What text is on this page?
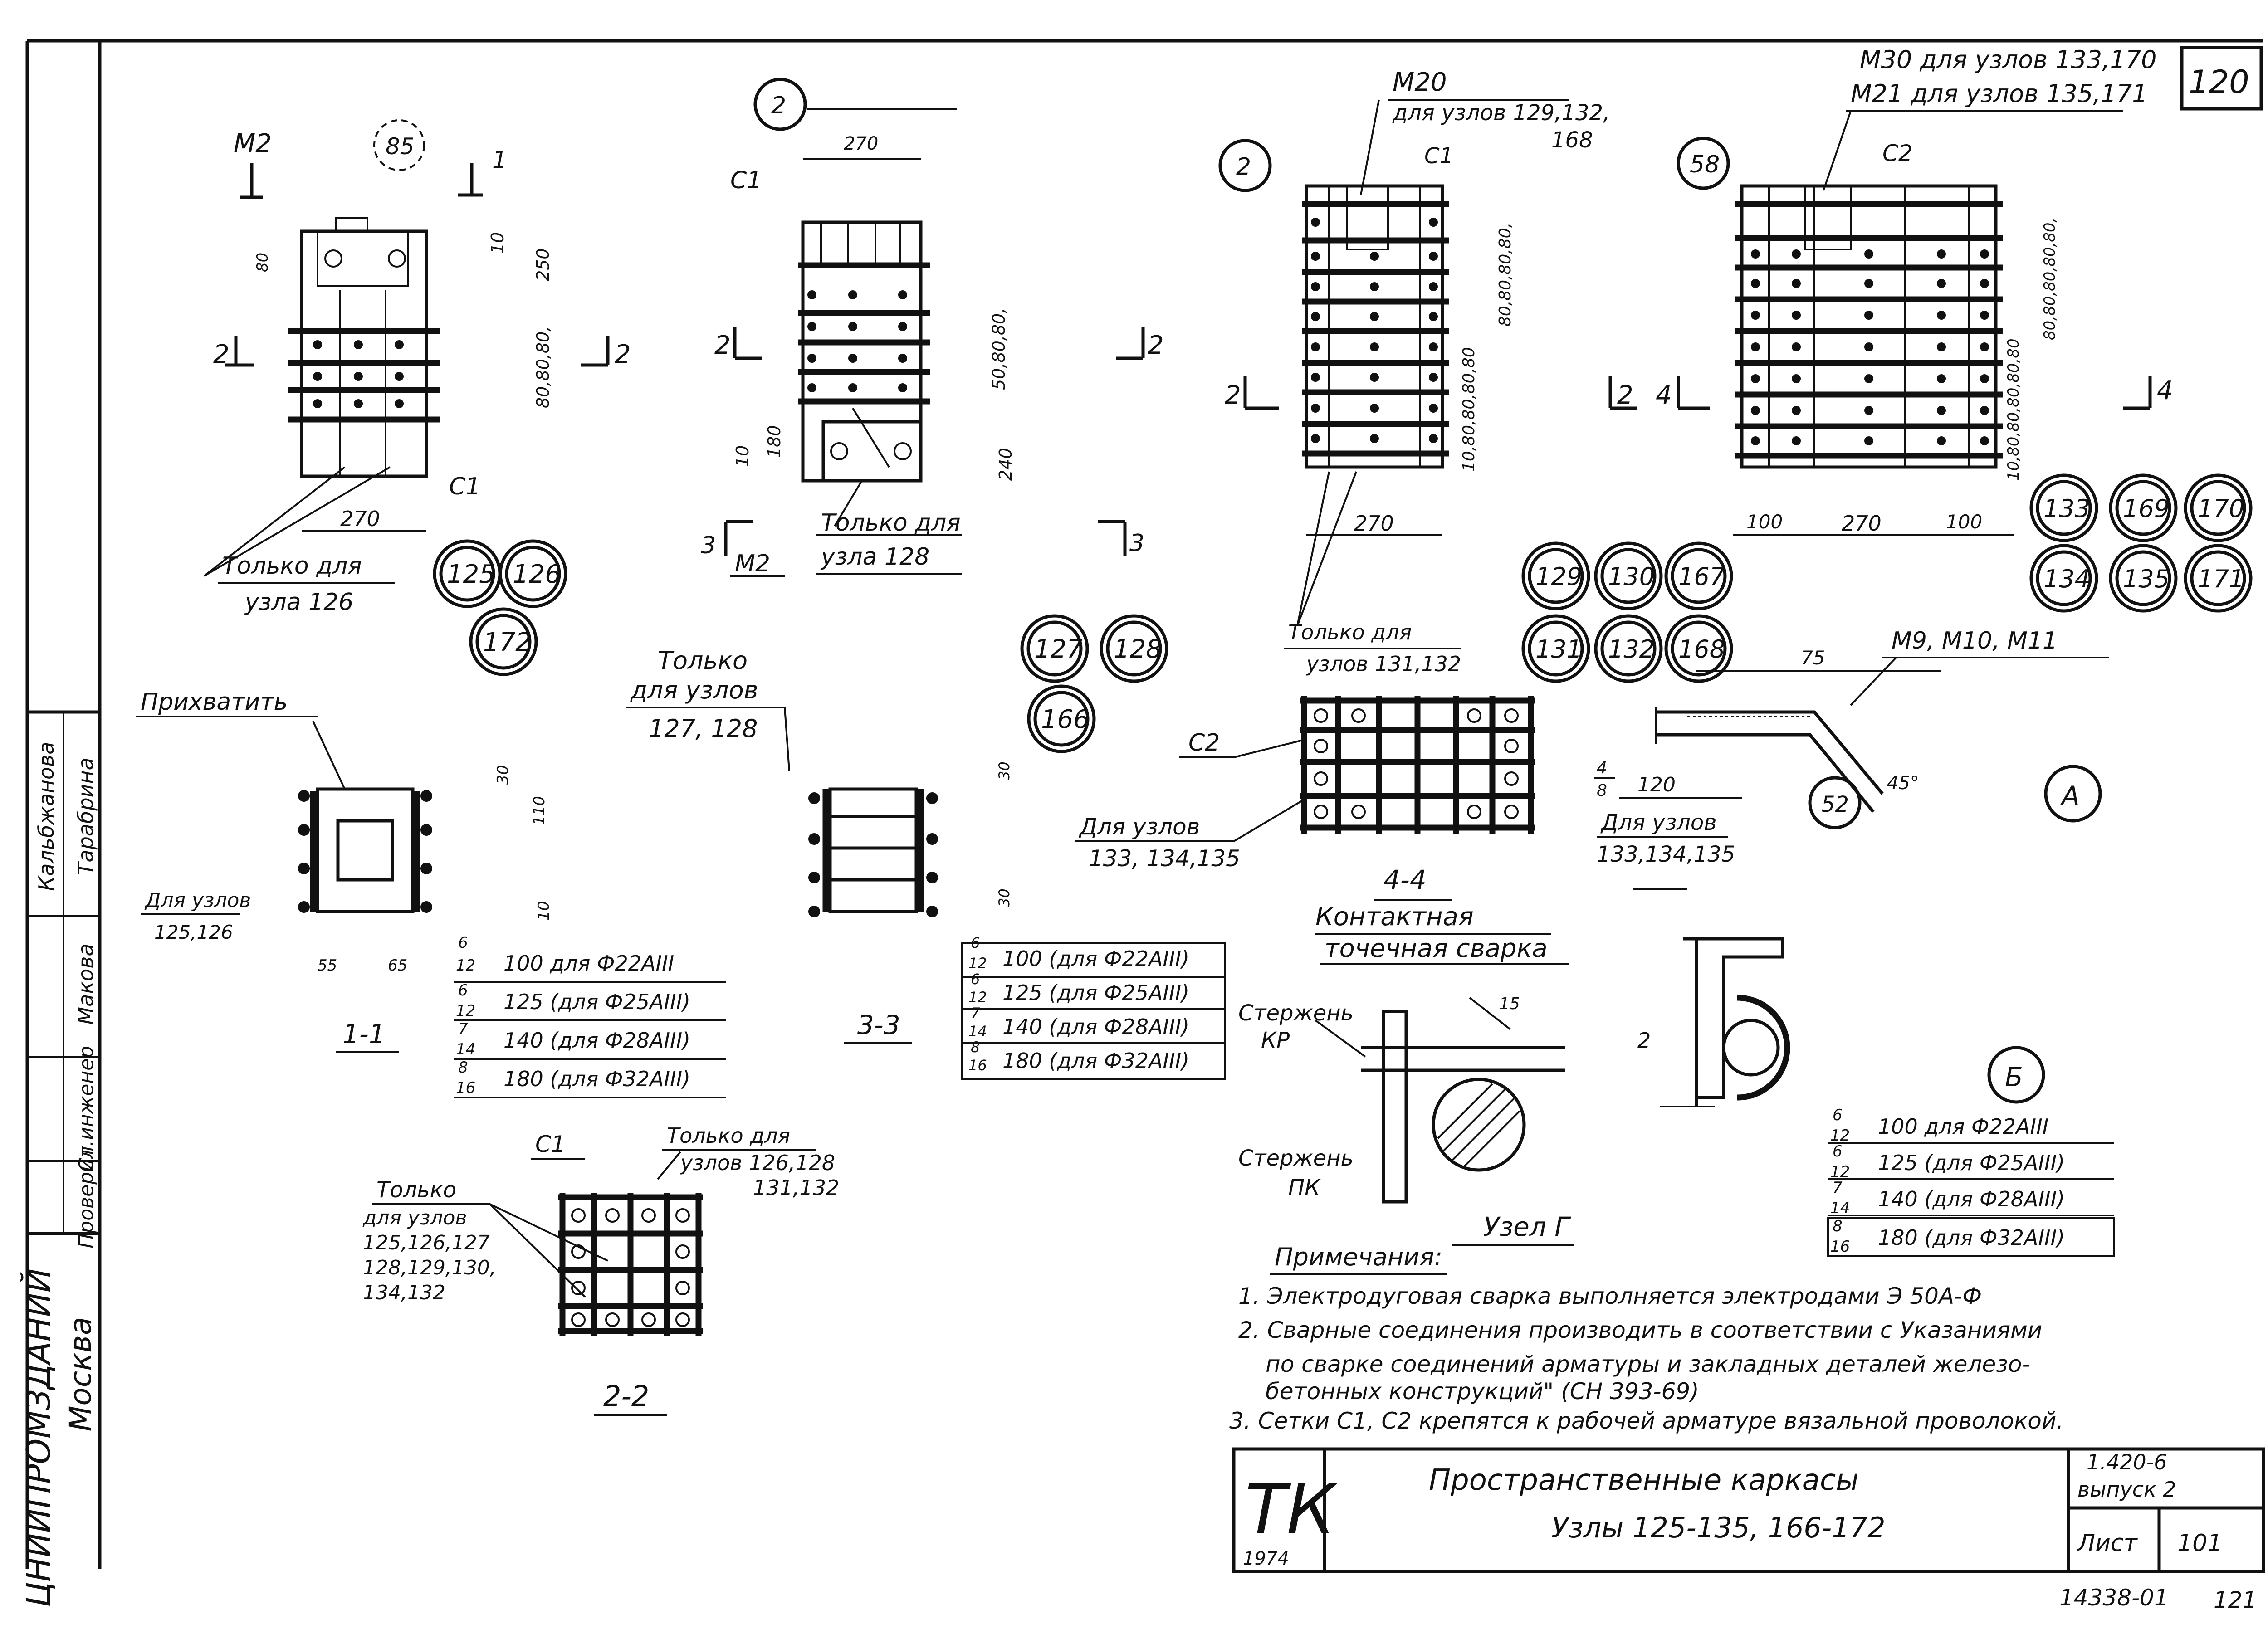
120
Тарабрина
Кальбжанова
Макова
Ст.инженер
Проверил
ЦНИИПРОМЗДАНИЙ Москва
М2	85	1
2	2
10
250
80,80,80,
80
С1
270
Только для
узла 126
125 126
172
2
270
С1
50,80,80,
240
10 180
2	2
3
М2
3
Только для
узла 128
127 128
166
М20
для узлов 129,132,
168
2	С1
80,80,80,80,
10,80,80,80,80
2	2
270
Только для
узлов 131,132
129 130 167
131 132 168
М30 для узлов 133,170
М21 для узлов 135,171
58	С2
80,80,80,80,80,
10,80,80,80,80,80
4	4
100	270	100 133 169 170
134 135 171
Прихватить
30
110
10
Для узлов
125,126
55	65
1-1
Только
для узлов
127, 128
30
30
3-3
6
12 100 для Ф22АIII
6
12 125 (для Ф25АIII)
7
14 140 (для Ф28АIII)
8
16 180 (для Ф32АIII)
6
12 100 (для Ф22АIII)
6
12 125 (для Ф25АIII)
7
14 140 (для Ф28АIII)
8
16 180 (для Ф32АIII)
С1	Только для
узлов 126,128
131,132
Только
для узлов
125,126,127
128,129,130,
134,132
2-2
С2
Для узлов
133, 134,135
4-4
М9, М10, М11
75
45°
52
4
8 120
Для узлов
133,134,135
А
Контактная
точечная сварка
Стержень
КР
15
Стержень
ПК
Узел Г
2
Б
6
12 100 для Ф22АIII
6
12 125 (для Ф25АIII)
7
14 140 (для Ф28АIII)
8
16 180 (для Ф32АIII)
Примечания:
1. Электродуговая сварка выполняется электродами Э 50А-Ф
2. Сварные соединения производить в соответствии с Указаниями
по сварке соединений арматуры и закладных деталей железо-
бетонных конструкций" (СН 393-69)
3. Сетки С1, С2 крепятся к рабочей арматуре вязальной проволокой.
ТК
1974
Пространственные каркасы
Узлы 125-135, 166-172
1.420-6
выпуск 2
Лист 101
14338-01 121
